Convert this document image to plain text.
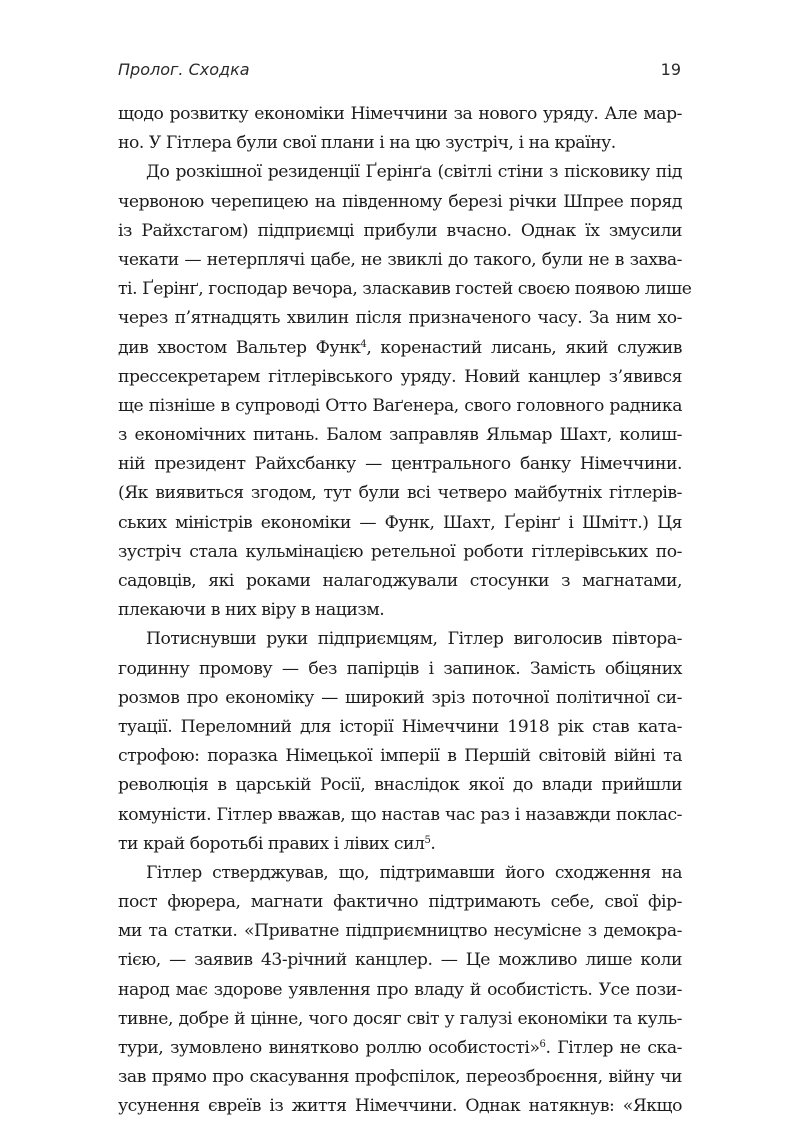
Пролог. Сходка	19
щодо розвитку економіки Німеччини за нового уряду. Але мар-
но. У Гітлера були свої плани і на цю зустріч, і на країну.
До розкішної резиденції Ґерінґа (світлі стіни з пісковику під
червоною черепицею на південному березі річки Шпрее поряд
із Райхстагом) підприємці прибули вчасно. Однак їх змусили
чекати — нетерплячі цабе, не звиклі до такого, були не в захва-
ті. Ґерінґ, господар вечора, злаcкавив гостей своєю появою лише
через п’ятнадцять хвилин після призначеного часу. За ним хо-
див хвостом Вальтер Функ$^4$, коренастий лисань, який служив
прессекретарем гітлерівського уряду. Новий канцлер з’явився
ще пізніше в супроводі Отто Ваґенера, свого головного радника
з економічних питань. Балом заправляв Яльмар Шахт, колиш-
ній президент Райхсбанку — центрального банку Німеччини.
(Як виявиться згодом, тут були всі четверо майбутніх гітлерів-
ських міністрів економіки — Функ, Шахт, Ґерінґ і Шмітт.) Ця
зустріч стала кульмінацією ретельної роботи гітлерівських по-
садовців, які роками налагоджували стосунки з магнатами,
плекаючи в них віру в нацизм.
Потиснувши руки підприємцям, Гітлер виголосив півтора-
годинну промову — без папірців і запинок. Замість обіцяних
розмов про економіку — широкий зріз поточної політичної си-
туації. Переломний для історії Німеччини 1918 рік став ката-
строфою: поразка Німецької імперії в Першій світовій війні та
революція в царській Росії, внаслідок якої до влади прийшли
комуністи. Гітлер вважав, що настав час раз і назавжди поклас-
ти край боротьбі правих і лівих сил$^5$.
Гітлер стверджував, що, підтримавши його сходження на
пост фюрера, магнати фактично підтримають себе, свої фір-
ми та статки. «Приватне підприємництво несумісне з демокра-
тією, — заявив 43-річний канцлер. — Це можливо лише коли
народ має здорове уявлення про владу й особистість. Усе пози-
тивне, добре й цінне, чого досяг світ у галузі економіки та куль-
тури, зумовлено винятково роллю особистості»$^6$. Гітлер не ска-
зав прямо про скасування профспілок, переозброєння, війну чи
усунення євреїв із життя Німеччини. Однак натякнув: «Якщо
